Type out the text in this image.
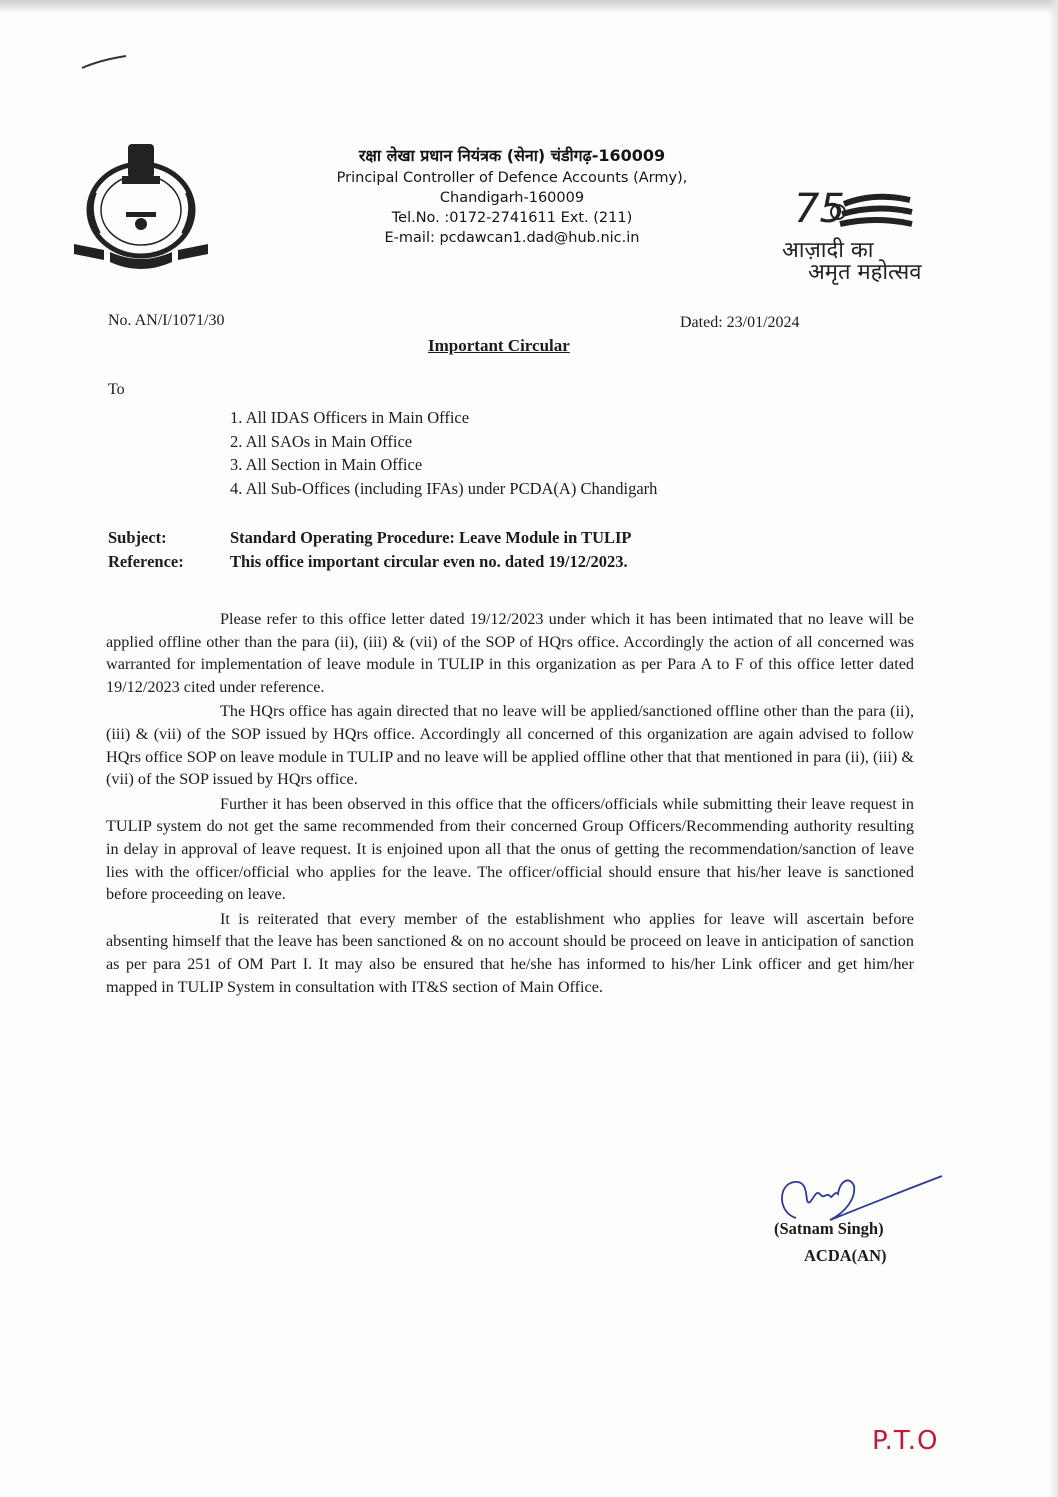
रक्षा लेखा प्रधान नियंत्रक (सेना) चंडीगढ़-160009
Principal Controller of Defence Accounts (Army),
Chandigarh-160009
Tel.No. :0172-2741611 Ext. (211)
E-mail: pcdawcan1.dad@hub.nic.in
75
आज़ादी का
अमृत महोत्सव
No. AN/I/1071/30	Dated: 23/01/2024
Important Circular
To
1. All IDAS Officers in Main Office
2. All SAOs in Main Office
3. All Section in Main Office
4. All Sub-Offices (including IFAs) under PCDA(A) Chandigarh
Subject:	Standard Operating Procedure: Leave Module in TULIP
Reference:	This office important circular even no. dated 19/12/2023.

Please refer to this office letter dated 19/12/2023 under which it has been intimated that no leave will be applied offline other than the para (ii), (iii) & (vii) of the SOP of HQrs office. Accordingly the action of all concerned was warranted for implementation of leave module in TULIP in this organization as per Para A to F of this office letter dated 19/12/2023 cited under reference.

The HQrs office has again directed that no leave will be applied/sanctioned offline other than the para (ii), (iii) & (vii) of the SOP issued by HQrs office. Accordingly all concerned of this organization are again advised to follow HQrs office SOP on leave module in TULIP and no leave will be applied offline other that that mentioned in para (ii), (iii) & (vii) of the SOP issued by HQrs office.

Further it has been observed in this office that the officers/officials while submitting their leave request in TULIP system do not get the same recommended from their concerned Group Officers/Recommending authority resulting in delay in approval of leave request. It is enjoined upon all that the onus of getting the recommendation/sanction of leave lies with the officer/official who applies for the leave. The officer/official should ensure that his/her leave is sanctioned before proceeding on leave.

It is reiterated that every member of the establishment who applies for leave will ascertain before absenting himself that the leave has been sanctioned & on no account should be proceed on leave in anticipation of sanction as per para 251 of OM Part I. It may also be ensured that he/she has informed to his/her Link officer and get him/her mapped in TULIP System in consultation with IT&S section of Main Office.

(Satnam Singh)
ACDA(AN)
P.T.O
